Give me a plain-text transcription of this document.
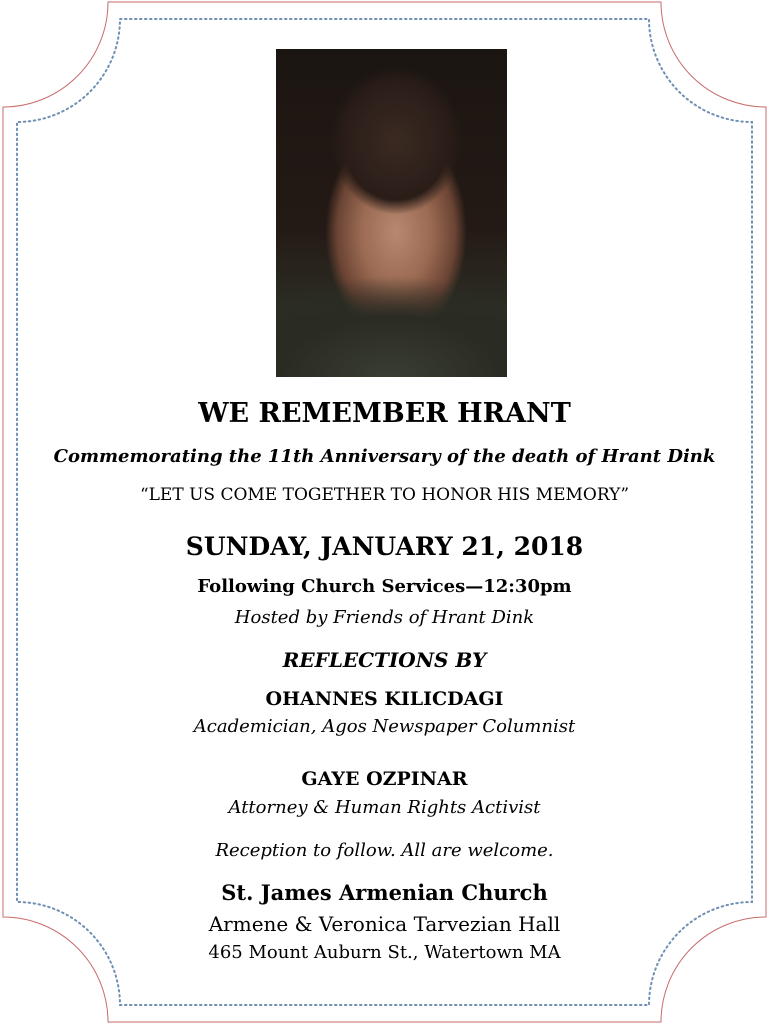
WE REMEMBER HRANT

Commemorating the 11th Anniversary of the death of Hrant Dink

“LET US COME TOGETHER TO HONOR HIS MEMORY”

SUNDAY, JANUARY 21, 2018

Following Church Services—12:30pm

Hosted by Friends of Hrant Dink

REFLECTIONS BY

OHANNES KILICDAGI

Academician, Agos Newspaper Columnist

GAYE OZPINAR

Attorney & Human Rights Activist

Reception to follow. All are welcome.

St. James Armenian Church

Armene & Veronica Tarvezian Hall

465 Mount Auburn St., Watertown MA
